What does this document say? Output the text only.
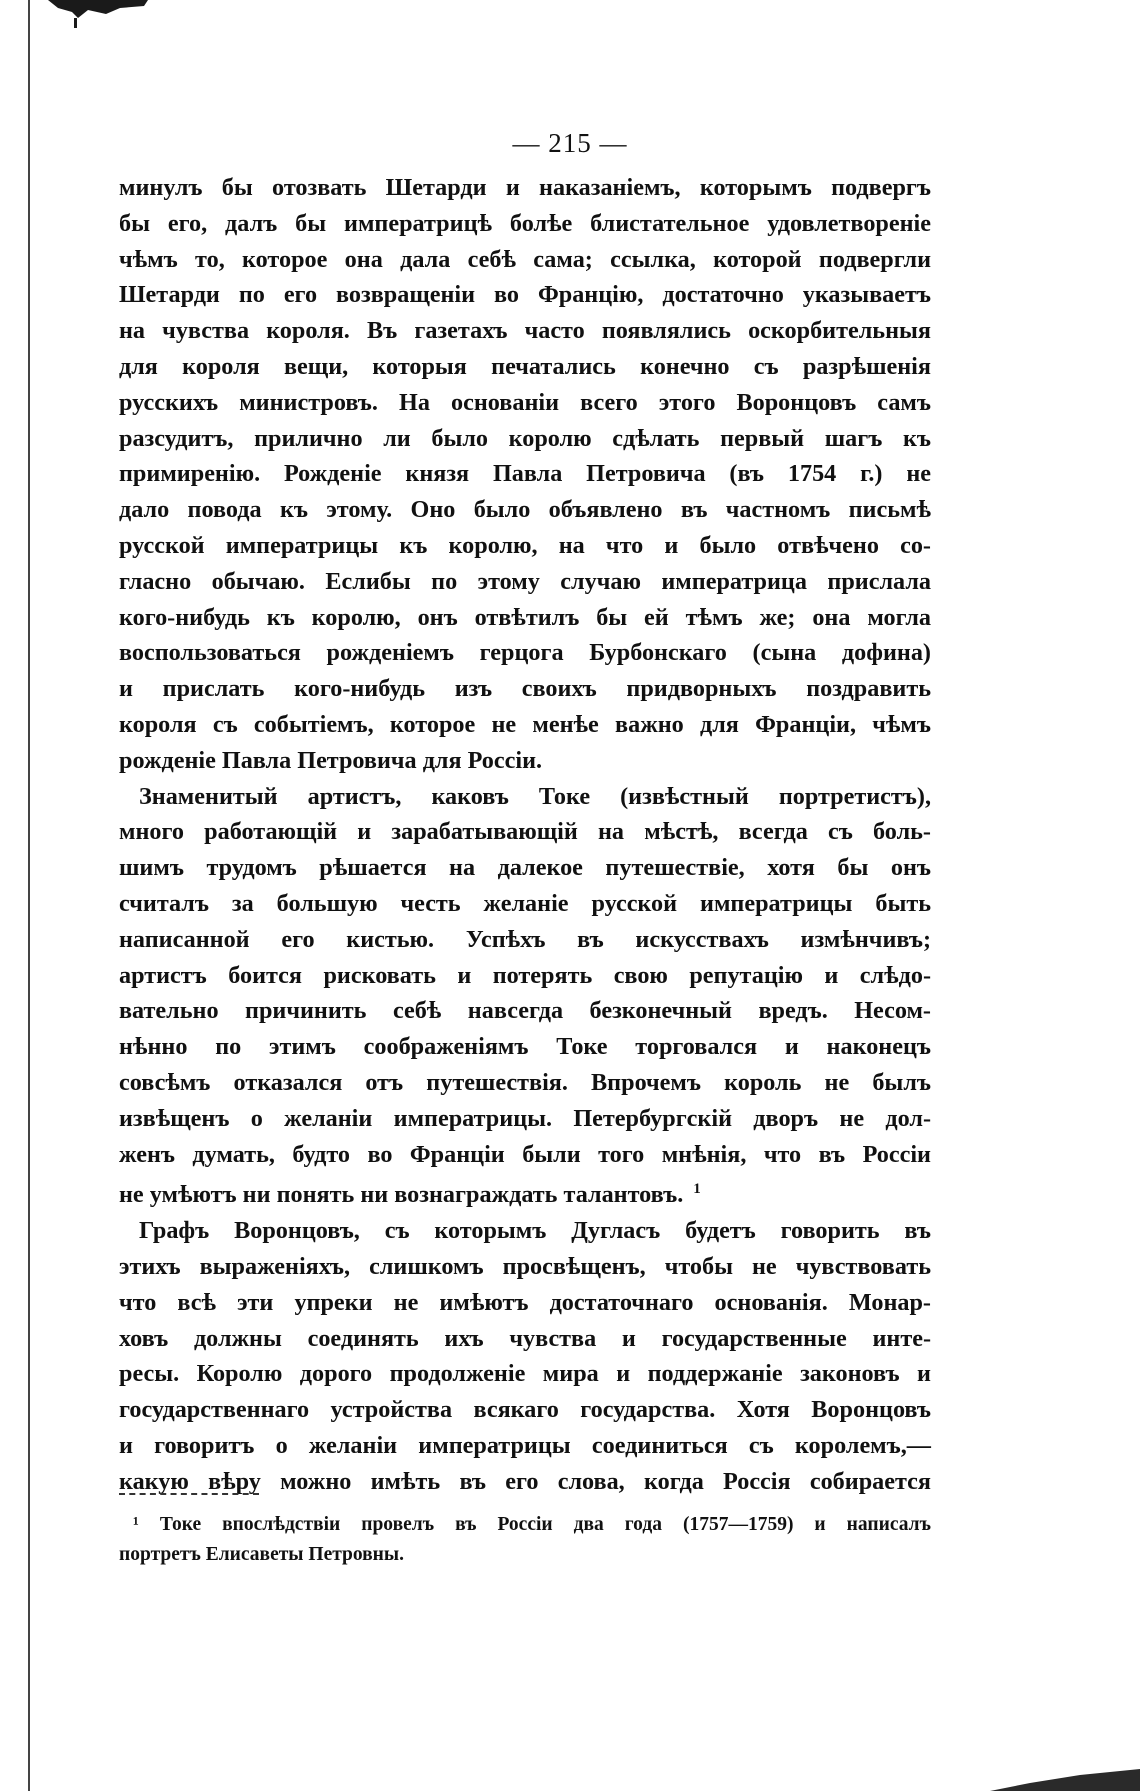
— 215 —
минулъ бы отозвать Шетарди и наказаніемъ, которымъ подвергъ
бы его, далъ бы императрицѣ болѣе блистательное удовлетвореніе
чѣмъ то, которое она дала себѣ сама; ссылка, которой подвергли
Шетарди по его возвращеніи во Францію, достаточно указываетъ
на чувства короля. Въ газетахъ часто появлялись оскорбительныя
для короля вещи, которыя печатались конечно съ разрѣшенія
русскихъ министровъ. На основаніи всего этого Воронцовъ самъ
разсудитъ, прилично ли было королю сдѣлать первый шагъ къ
примиренію. Рожденіе князя Павла Петровича (въ 1754 г.) не
дало повода къ этому. Оно было объявлено въ частномъ письмѣ
русской императрицы къ королю, на что и было отвѣчено со-
гласно обычаю. Еслибы по этому случаю императрица прислала
кого-нибудь къ королю, онъ отвѣтилъ бы ей тѣмъ же; она могла
воспользоваться рожденіемъ герцога Бурбонскаго (сына дофина)
и прислать кого-нибудь изъ своихъ придворныхъ поздравить
короля съ событіемъ, которое не менѣе важно для Франціи, чѣмъ
рожденіе Павла Петровича для Россіи.
Знаменитый артистъ, каковъ Токе (извѣстный портретистъ),
много работающій и зарабатывающій на мѣстѣ, всегда съ боль-
шимъ трудомъ рѣшается на далекое путешествіе, хотя бы онъ
считалъ за большую честь желаніе русской императрицы быть
написанной его кистью. Успѣхъ въ искусствахъ измѣнчивъ;
артистъ боится рисковать и потерять свою репутацію и слѣдо-
вательно причинить себѣ навсегда безконечный вредъ. Несом-
нѣнно по этимъ соображеніямъ Токе торговался и наконецъ
совсѣмъ отказался отъ путешествія. Впрочемъ король не былъ
извѣщенъ о желаніи императрицы. Петербургскій дворъ не дол-
женъ думать, будто во Франціи были того мнѣнія, что въ Россіи
не умѣютъ ни понять ни вознаграждать талантовъ. $^1$
Графъ Воронцовъ, съ которымъ Дугласъ будетъ говорить въ
этихъ выраженіяхъ, слишкомъ просвѣщенъ, чтобы не чувствовать
что всѣ эти упреки не имѣютъ достаточнаго основанія. Монар-
ховъ должны соединять ихъ чувства и государственные инте-
ресы. Королю дорого продолженіе мира и поддержаніе законовъ и
государственнаго устройства всякаго государства. Хотя Воронцовъ
и говоритъ о желаніи императрицы соединиться съ королемъ,—
какую вѣру можно имѣть въ его слова, когда Россія собирается
¹ Токе впослѣдствіи провелъ въ Россіи два года (1757—1759) и написалъ
портретъ Елисаветы Петровны.
